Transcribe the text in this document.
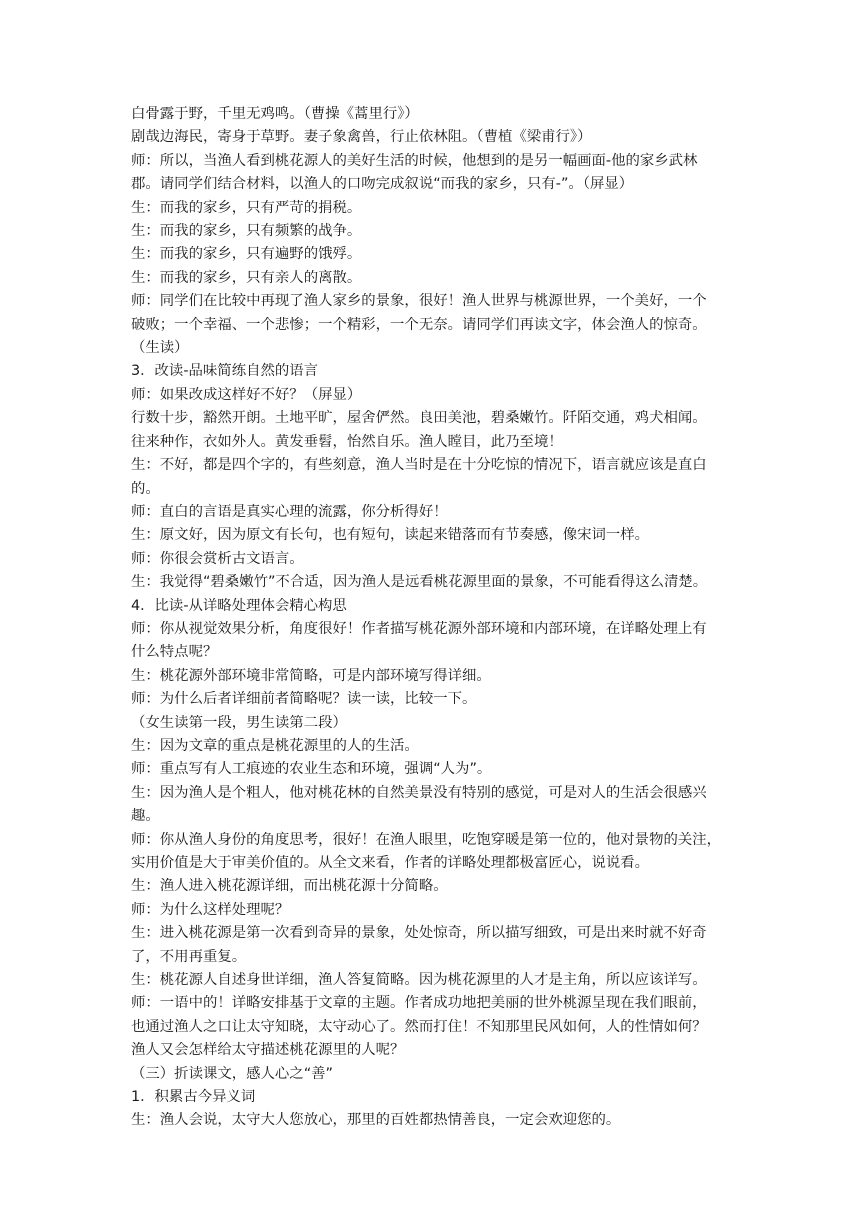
白骨露于野，千里无鸡鸣。（曹操《蒿里行》）
剧哉边海民，寄身于草野。妻子象禽兽，行止依林阻。（曹植《梁甫行》）
师：所以，当渔人看到桃花源人的美好生活的时候，他想到的是另一幅画面-他的家乡武林
郡。请同学们结合材料，以渔人的口吻完成叙说“而我的家乡，只有-”。（屏显）
生：而我的家乡，只有严苛的捐税。
生：而我的家乡，只有频繁的战争。
生：而我的家乡，只有遍野的饿殍。
生：而我的家乡，只有亲人的离散。
师：同学们在比较中再现了渔人家乡的景象，很好！渔人世界与桃源世界，一个美好，一个
破败；一个幸福、一个悲惨；一个精彩，一个无奈。请同学们再读文字，体会渔人的惊奇。
（生读）
3．改读-品味简练自然的语言
师：如果改成这样好不好？（屏显）
行数十步，豁然开朗。土地平旷，屋舍俨然。良田美池，碧桑嫩竹。阡陌交通，鸡犬相闻。
往来种作，衣如外人。黄发垂髫，怡然自乐。渔人瞠目，此乃至境！
生：不好，都是四个字的，有些刻意，渔人当时是在十分吃惊的情况下，语言就应该是直白
的。
师：直白的言语是真实心理的流露，你分析得好！
生：原文好，因为原文有长句，也有短句，读起来错落而有节奏感，像宋词一样。
师：你很会赏析古文语言。
生：我觉得“碧桑嫩竹”不合适，因为渔人是远看桃花源里面的景象，不可能看得这么清楚。
4．比读-从详略处理体会精心构思
师：你从视觉效果分析，角度很好！作者描写桃花源外部环境和内部环境，在详略处理上有
什么特点呢？
生：桃花源外部环境非常简略，可是内部环境写得详细。
师：为什么后者详细前者简略呢？读一读，比较一下。
（女生读第一段，男生读第二段）
生：因为文章的重点是桃花源里的人的生活。
师：重点写有人工痕迹的农业生态和环境，强调“人为”。
生：因为渔人是个粗人，他对桃花林的自然美景没有特别的感觉，可是对人的生活会很感兴
趣。
师：你从渔人身份的角度思考，很好！在渔人眼里，吃饱穿暖是第一位的，他对景物的关注，
实用价值是大于审美价值的。从全文来看，作者的详略处理都极富匠心，说说看。
生：渔人进入桃花源详细，而出桃花源十分简略。
师：为什么这样处理呢？
生：进入桃花源是第一次看到奇异的景象，处处惊奇，所以描写细致，可是出来时就不好奇
了，不用再重复。
生：桃花源人自述身世详细，渔人答复简略。因为桃花源里的人才是主角，所以应该详写。
师：一语中的！详略安排基于文章的主题。作者成功地把美丽的世外桃源呈现在我们眼前，
也通过渔人之口让太守知晓，太守动心了。然而打住！不知那里民风如何，人的性情如何？
渔人又会怎样给太守描述桃花源里的人呢？
（三）折读课文，感人心之“善”
1．积累古今异义词
生：渔人会说，太守大人您放心，那里的百姓都热情善良，一定会欢迎您的。
